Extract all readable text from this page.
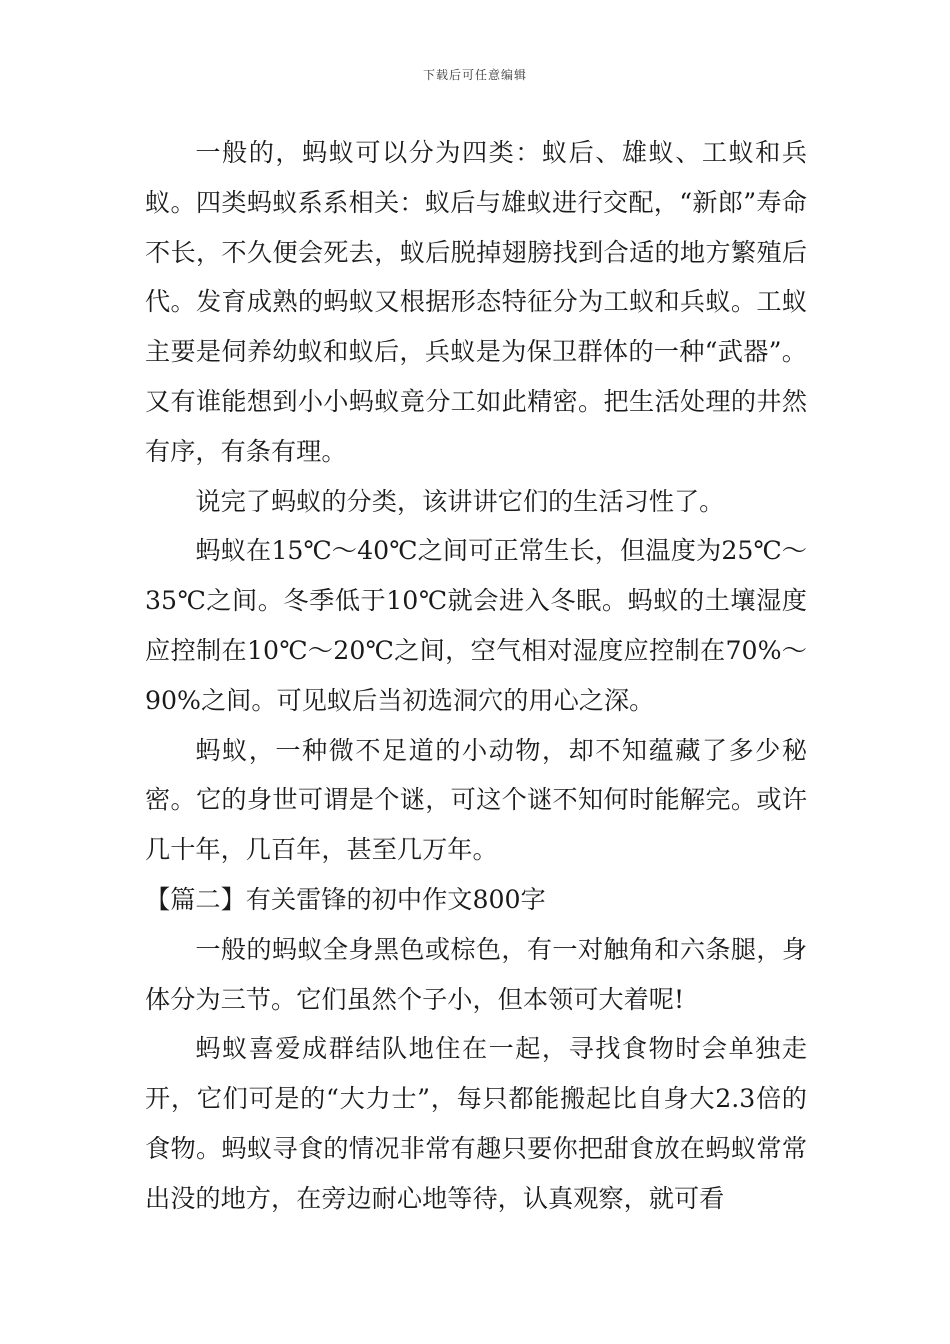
下载后可任意编辑

一般的，蚂蚁可以分为四类：蚁后、雄蚁、工蚁和兵蚁。四类蚂蚁系系相关：蚁后与雄蚁进行交配，“新郎”寿命不长，不久便会死去，蚁后脱掉翅膀找到合适的地方繁殖后代。发育成熟的蚂蚁又根据形态特征分为工蚁和兵蚁。工蚁主要是伺养幼蚁和蚁后，兵蚁是为保卫群体的一种“武器”。又有谁能想到小小蚂蚁竟分工如此精密。把生活处理的井然有序，有条有理。

说完了蚂蚁的分类，该讲讲它们的生活习性了。

蚂蚁在15℃～40℃之间可正常生长，但温度为25℃～35℃之间。冬季低于10℃就会进入冬眠。蚂蚁的土壤湿度应控制在10℃～20℃之间，空气相对湿度应控制在70%～90%之间。可见蚁后当初选洞穴的用心之深。

蚂蚁，一种微不足道的小动物，却不知蕴藏了多少秘密。它的身世可谓是个谜，可这个谜不知何时能解完。或许几十年，几百年，甚至几万年。

【篇二】有关雷锋的初中作文800字

一般的蚂蚁全身黑色或棕色，有一对触角和六条腿，身体分为三节。它们虽然个子小，但本领可大着呢!

蚂蚁喜爱成群结队地住在一起，寻找食物时会单独走开，它们可是的“大力士”，每只都能搬起比自身大2.3倍的食物。蚂蚁寻食的情况非常有趣只要你把甜食放在蚂蚁常常出没的地方，在旁边耐心地等待，认真观察，就可看
